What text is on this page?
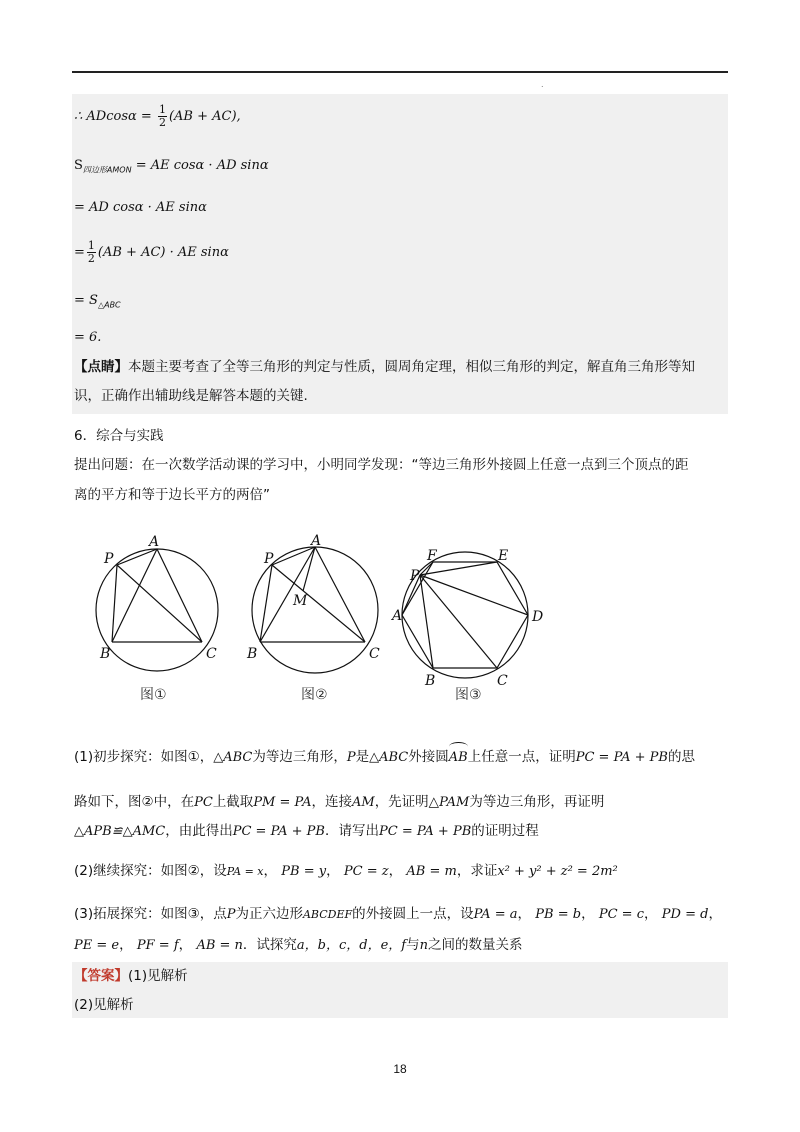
.
∴ $ADcos\alpha = \frac{1}{2} (AB + AC)$,
$S_{四边形AMON}$ = AE cosα · AD sinα
= AD cosα · AE sinα
= $\frac{1}{2} (AB + AC)$ · AE sinα
= $S_{\triangle ABC}$
= 6.
【点睛】本题主要考查了全等三角形的判定与性质，圆周角定理，相似三角形的判定，解直角三角形等知
识，正确作出辅助线是解答本题的关键.
6．综合与实践
提出问题：在一次数学活动课的学习中，小明同学发现：“等边三角形外接圆上任意一点到三个顶点的距
离的平方和等于边长平方的两倍”
P
A
B	C
P
A
M
B	C
P
F	E
D
A
B	C
图①	图②	图③
(1)初步探究：如图①，△ABC为等边三角形，P是△ABC外接圆AB上任意一点，证明PC = PA + PB的思
路如下，图②中，在PC上截取PM = PA，连接AM，先证明△PAM为等边三角形，再证明
△APB≌△AMC，由此得出PC = PA + PB．请写出PC = PA + PB的证明过程
(2)继续探究：如图②，设PA = x， PB = y， PC = z， AB = m，求证x² + y² + z² = 2m²
(3)拓展探究：如图③，点P为正六边形ABCDEF的外接圆上一点，设PA = a， PB = b， PC = c， PD = d，
PE = e， PF = f， AB = n．试探究a，b，c，d，e，f与n之间的数量关系
【答案】(1)见解析
(2)见解析
18
